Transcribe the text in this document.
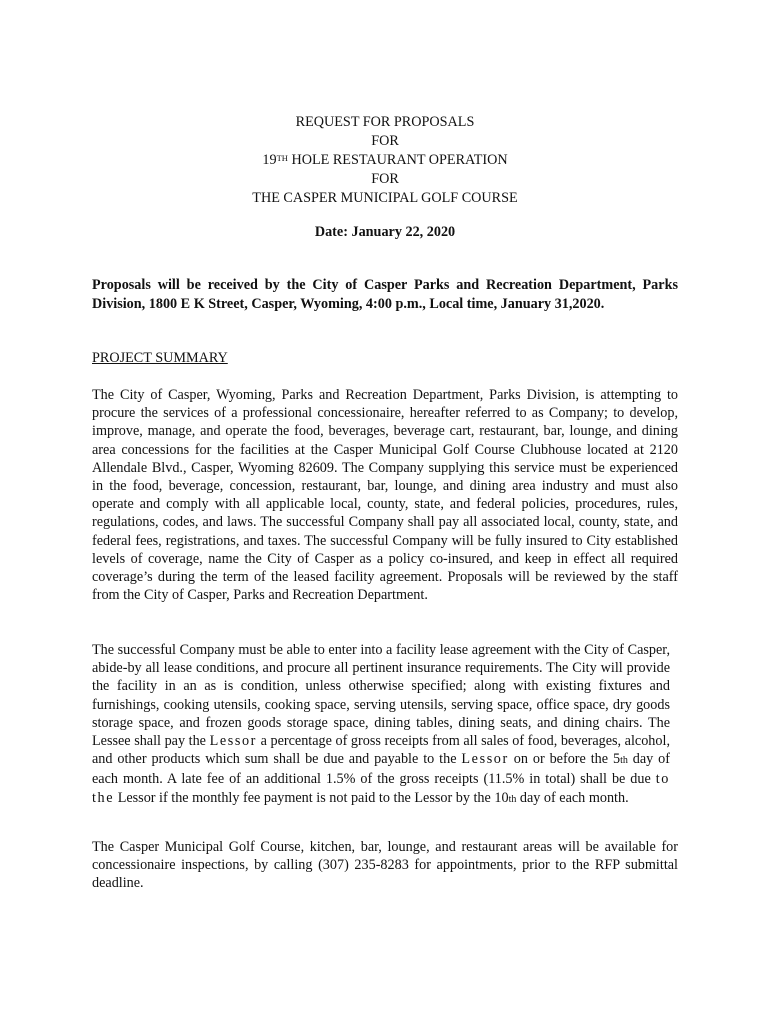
REQUEST FOR PROPOSALS
FOR
19TH HOLE RESTAURANT OPERATION
FOR
THE CASPER MUNICIPAL GOLF COURSE
Date: January 22, 2020
Proposals will be received by the City of Casper Parks and Recreation Department, Parks Division, 1800 E K Street, Casper, Wyoming, 4:00 p.m., Local time, January 31,2020.
PROJECT SUMMARY
The City of Casper, Wyoming, Parks and Recreation Department, Parks Division, is attempting to procure the services of a professional concessionaire, hereafter referred to as Company; to develop, improve, manage, and operate the food, beverages, beverage cart, restaurant, bar, lounge, and dining area concessions for the facilities at the Casper Municipal Golf Course Clubhouse located at 2120 Allendale Blvd., Casper, Wyoming 82609. The Company supplying this service must be experienced in the food, beverage, concession, restaurant, bar, lounge, and dining area industry and must also operate and comply with all applicable local, county, state, and federal policies, procedures, rules, regulations, codes, and laws. The successful Company shall pay all associated local, county, state, and federal fees, registrations, and taxes. The successful Company will be fully insured to City established levels of coverage, name the City of Casper as a policy co-insured, and keep in effect all required coverage’s during the term of the leased facility agreement. Proposals will be reviewed by the staff from the City of Casper, Parks and Recreation Department.
The successful Company must be able to enter into a facility lease agreement with the City of Casper, abide-by all lease conditions, and procure all pertinent insurance requirements. The City will provide the facility in an as is condition, unless otherwise specified; along with existing fixtures and furnishings, cooking utensils, cooking space, serving utensils, serving space, office space, dry goods storage space, and frozen goods storage space, dining tables, dining seats, and dining chairs. The Lessee shall pay the Lessor a percentage of gross receipts from all sales of food, beverages, alcohol, and other products which sum shall be due and payable to the Lessor on or before the 5th day of each month. A late fee of an additional 1.5% of the gross receipts (11.5% in total) shall be due to the Lessor if the monthly fee payment is not paid to the Lessor by the 10th day of each month.
The Casper Municipal Golf Course, kitchen, bar, lounge, and restaurant areas will be available for concessionaire inspections, by calling (307) 235-8283 for appointments, prior to the RFP submittal deadline.
